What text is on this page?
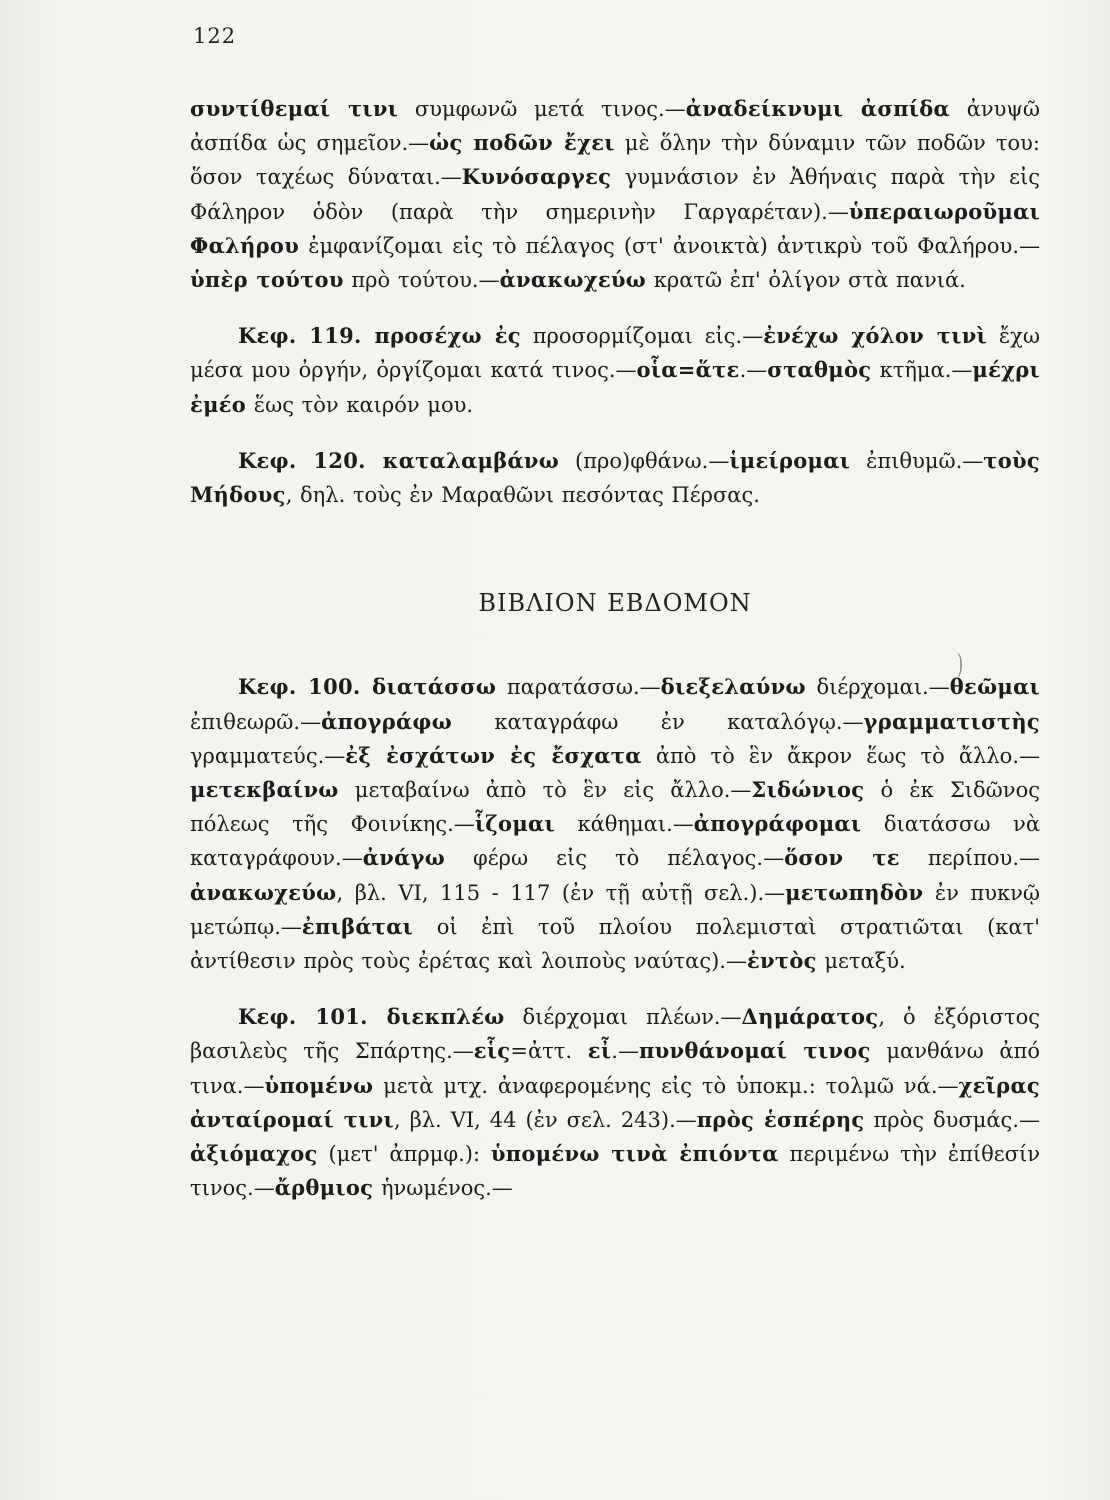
122

συντίθεμαί τινι συμφωνῶ μετά τινος.—ἀναδείκνυμι ἀσπίδα ἀνυψῶ ἀσπίδα ὡς σημεῖον.—ὡς ποδῶν ἔχει μὲ ὅλην τὴν δύναμιν τῶν ποδῶν του: ὅσον ταχέως δύναται.—Κυνόσαργες γυμνάσιον ἐν Ἀθήναις παρὰ τὴν εἰς Φάληρον ὁδὸν (παρὰ τὴν σημερινὴν Γαργαρέταν).—ὑπεραιωροῦμαι Φαλήρου ἐμφανίζομαι εἰς τὸ πέλαγος (στ' ἀνοικτὰ) ἀντικρὺ τοῦ Φαλήρου.—ὑπὲρ τούτου πρὸ τούτου.—ἀνακωχεύω κρατῶ ἐπ' ὀλίγον στὰ πανιά.

Κεφ. 119. προσέχω ἐς προσορμίζομαι εἰς.—ἐνέχω χόλον τινὶ ἔχω μέσα μου ὀργήν, ὀργίζομαι κατά τινος.—οἷα=ἅτε.—σταθμὸς κτῆμα.—μέχρι ἐμέο ἕως τὸν καιρόν μου.

Κεφ. 120. καταλαμβάνω (προ)φθάνω.—ἱμείρομαι ἐπιθυμῶ.—τοὺς Μήδους, δηλ. τοὺς ἐν Μαραθῶνι πεσόντας Πέρσας.

ΒΙΒΛΙΟΝ ΕΒΔΟΜΟΝ

Κεφ. 100. διατάσσω παρατάσσω.—διεξελαύνω διέρχομαι.—θεῶμαι ἐπιθεωρῶ.—ἀπογράφω καταγράφω ἐν καταλόγῳ.—γραμματιστὴς γραμματεύς.—ἐξ ἐσχάτων ἐς ἔσχατα ἀπὸ τὸ ἓν ἄκρον ἕως τὸ ἄλλο.—μετεκβαίνω μεταβαίνω ἀπὸ τὸ ἓν εἰς ἄλλο.—Σιδώνιος ὁ ἐκ Σιδῶνος πόλεως τῆς Φοινίκης.—ἷζομαι κάθημαι.—ἀπογράφομαι διατάσσω νὰ καταγράφουν.—ἀνάγω φέρω εἰς τὸ πέλαγος.—ὅσον τε περίπου.—ἀνακωχεύω, βλ. VI, 115 - 117 (ἐν τῇ αὐτῇ σελ.).—μετωπηδὸν ἐν πυκνῷ μετώπῳ.—ἐπιβάται οἱ ἐπὶ τοῦ πλοίου πολεμισταὶ στρατιῶται (κατ' ἀντίθεσιν πρὸς τοὺς ἐρέτας καὶ λοιποὺς ναύτας).—ἐντὸς μεταξύ.

Κεφ. 101. διεκπλέω διέρχομαι πλέων.—Δημάρατος, ὁ ἐξόριστος βασιλεὺς τῆς Σπάρτης.—εἷς=ἀττ. εἶ.—πυνθάνομαί τινος μανθάνω ἀπό τινα.—ὑπομένω μετὰ μτχ. ἀναφερομένης εἰς τὸ ὑποκμ.: τολμῶ νά.—χεῖρας ἀνταίρομαί τινι, βλ. VI, 44 (ἐν σελ. 243).—πρὸς ἑσπέρης πρὸς δυσμάς.—ἀξιόμαχος (μετ' ἀπρμφ.): ὑπομένω τινὰ ἐπιόντα περιμένω τὴν ἐπίθεσίν τινος.—ἄρθμιος ἡνωμένος.—

)
